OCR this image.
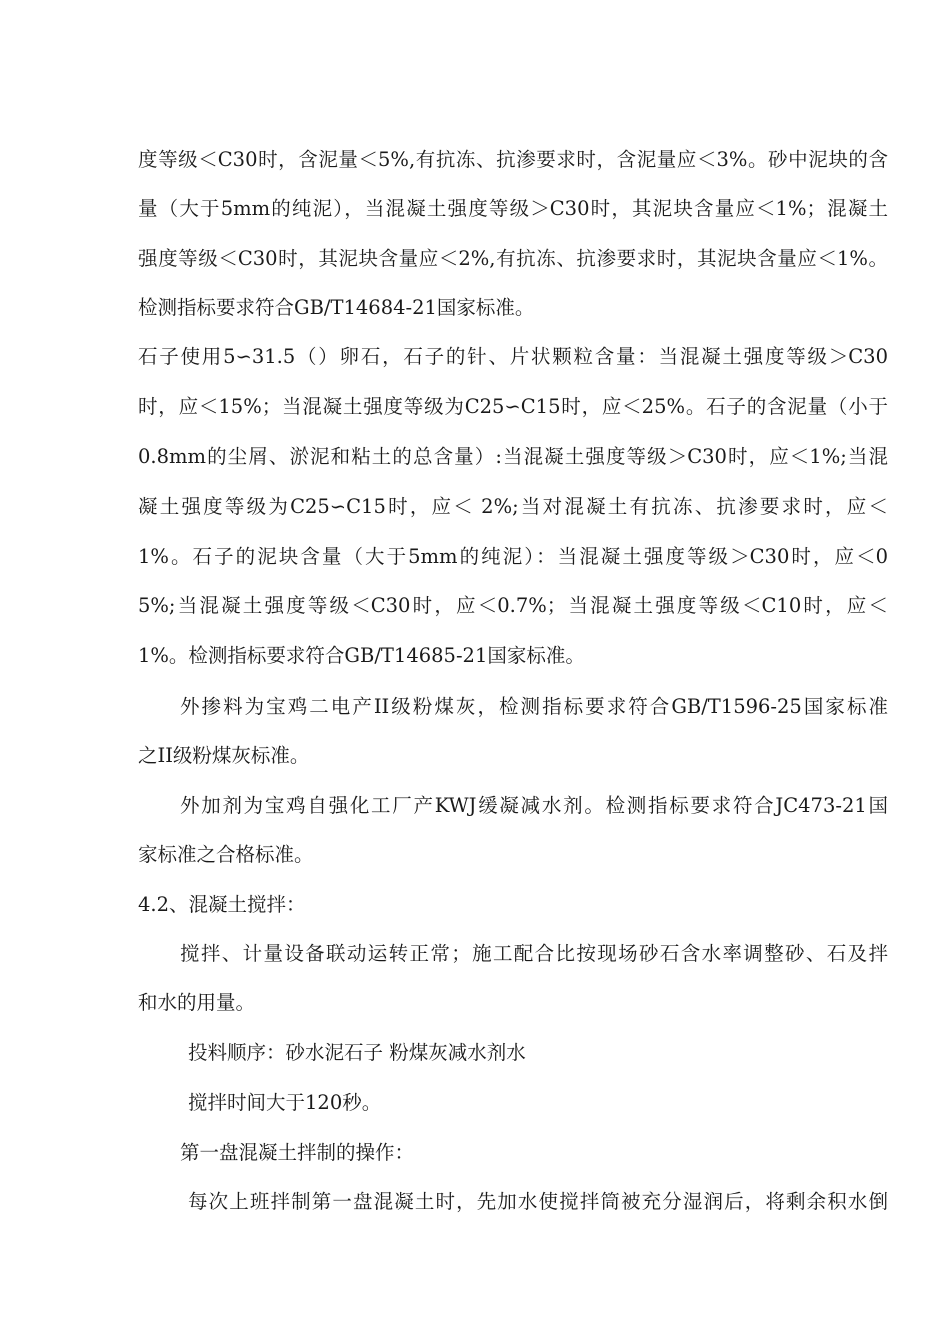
度等级＜C30时，含泥量＜5%,有抗冻、抗渗要求时，含泥量应＜3%。砂中泥块的含

量（大于5mm的纯泥），当混凝土强度等级＞C30时，其泥块含量应＜1%；混凝土

强度等级＜C30时，其泥块含量应＜2%,有抗冻、抗渗要求时，其泥块含量应＜1%。

检测指标要求符合GB/T14684-21国家标准。

石子使用5∽31.5（）卵石，石子的针、片状颗粒含量：当混凝土强度等级＞C30

时，应＜15%；当混凝土强度等级为C25∽C15时，应＜25%。石子的含泥量（小于

0.8mm的尘屑、淤泥和粘土的总含量）:当混凝土强度等级＞C30时，应＜1%;当混

凝土强度等级为C25∽C15时，应＜ 2%;当对混凝土有抗冻、抗渗要求时，应＜

1%。石子的泥块含量（大于5mm的纯泥）：当混凝土强度等级＞C30时，应＜0

5%;当混凝土强度等级＜C30时，应＜0.7%；当混凝土强度等级＜C10时，应＜

1%。检测指标要求符合GB/T14685-21国家标准。

外掺料为宝鸡二电产II级粉煤灰，检测指标要求符合GB/T1596-25国家标准

之II级粉煤灰标准。

外加剂为宝鸡自强化工厂产KWJ缓凝减水剂。检测指标要求符合JC473-21国

家标准之合格标准。

4.2、混凝土搅拌：

搅拌、计量设备联动运转正常；施工配合比按现场砂石含水率调整砂、石及拌

和水的用量。

投料顺序：砂水泥石子 粉煤灰减水剂水

搅拌时间大于120秒。

第一盘混凝土拌制的操作：

每次上班拌制第一盘混凝土时，先加水使搅拌筒被充分湿润后，将剩余积水倒
